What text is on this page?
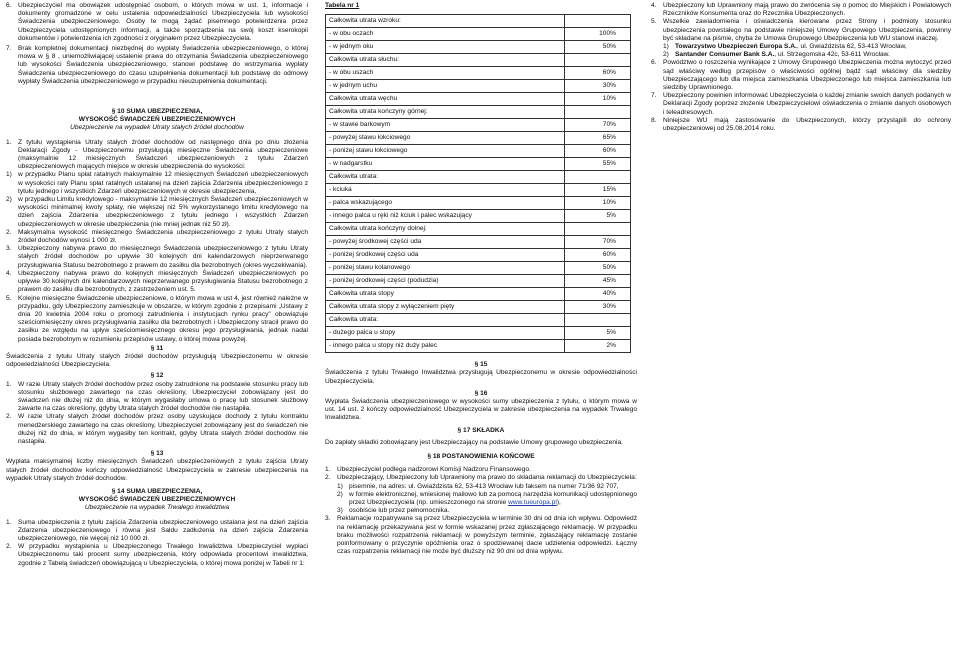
6. Ubezpieczyciel ma obowiązek udostępniać osobom, o których mowa w ust. 1, informacje i dokumenty gromadzone w celu ustalenia odpowiedzialności Ubezpieczyciela lub wysokości Świadczenia ubezpieczeniowego. Osoby te mogą żądać pisemnego potwierdzenia przez Ubezpieczyciela udostępnionych informacji, a także sporządzenia na swój koszt kserokopii dokumentów i potwierdzenia ich zgodności z oryginałem przez Ubezpieczyciela.
7. Brak kompletnej dokumentacji niezbędnej do wypłaty Świadczenia ubezpieczeniowego, o której mowa w § 8 , uniemożliwiającej ustalenie prawa do otrzymania Świadczenia ubezpieczeniowego lub wysokości Świadczenia ubezpieczeniowego, stanowi podstawę do wstrzymania wypłaty Świadczenia ubezpieczeniowego do czasu uzupełnienia dokumentacji lub podstawę do odmowy wypłaty Świadczenia ubezpieczeniowego w przypadku nieuzupełnienia dokumentacji.
§ 10 SUMA UBEZPIECZENIA,
WYSOKOŚĆ ŚWIADCZEŃ UBEZPIECZENIOWYCH
Ubezpieczenie na wypadek Utraty stałych źródeł dochodów
1. Z tytułu wystąpienia Utraty stałych źródeł dochodów od następnego dnia po dniu złożenia Deklaracji Zgody - Ubezpieczonemu przysługują miesięczne Świadczenia ubezpieczeniowe (maksymalnie 12 miesięcznych Świadczeń ubezpieczeniowych z tytułu Zdarzeń ubezpieczeniowych mających miejsce w okresie ubezpieczenia do wysokości:
1) w przypadku Planu spłat ratalnych maksymalnie 12 miesięcznych Świadczeń ubezpieczeniowych w wysokości raty Planu spłat ratalnych ustalanej na dzień zajścia Zdarzenia ubezpieczeniowego z tytułu jednego i wszystkich Zdarzeń ubezpieczeniowych w okresie ubezpieczenia,
2) w przypadku Limitu kredytowego - maksymalnie 12 miesięcznych Świadczeń ubezpieczeniowych w wysokości minimalnej kwoty spłaty, nie większej niż 5% wykorzystanego limitu kredytowego na dzień zajścia Zdarzenia ubezpieczeniowego z tytułu jednego i wszystkich Zdarzeń ubezpieczeniowych w okresie ubezpieczenia (nie mniej jednak niż 50 zł).
2. Maksymalna wysokość miesięcznego Świadczenia ubezpieczeniowego z tytułu Utraty stałych źródeł dochodów wynosi 1 000 zł.
3. Ubezpieczony nabywa prawo do miesięcznego Świadczenia ubezpieczeniowego z tytułu Utraty stałych źródeł dochodów po upływie 30 kolejnych dni kalendarzowych nieprzerwanego przysługiwania Statusu bezrobotnego z prawem do zasiłku dla bezrobotnych (okres wyczekiwania).
4. Ubezpieczony nabywa prawo do kolejnych miesięcznych Świadczeń ubezpieczeniowych po upływie 30 kolejnych dni kalendarzowych nieprzerwanego przysługiwania Statusu bezrobotnego z prawem do zasiłku dla bezrobotnych, z zastrzeżeniem ust. 5.
5. Kolejne miesięczne Świadczenie ubezpieczeniowe, o którym mowa w ust 4, jest również należne w przypadku, gdy Ubezpieczony zamieszkuje w obszarze, w którym zgodnie z przepisami „Ustawy z dnia 20 kwietnia 2004 roku o promocji zatrudnienia i instytucjach rynku pracy" obowiązuje sześciomiesięczny okres przysługiwania zasiłku dla bezrobotnych i Ubezpieczony stracił prawo do zasiłku ze względu na upływ sześciomiesięcznego okresu jego przysługiwania, jednak nadal posiada bezrobotnym w rozumieniu przepisów ustawy, o której mowa powyżej.
§ 11

Świadczenia z tytułu Utraty stałych źródeł dochodów przysługują Ubezpieczonemu w okresie odpowiedzialności Ubezpieczyciela.

§ 12
1. W razie Utraty stałych źródeł dochodów przez osoby zatrudnione na podstawie stosunku pracy lub stosunku służbowego zawartego na czas określony, Ubezpieczyciel zobowiązany jest do świadczeń nie dłużej niż do dnia, w którym wygasłaby umowa o pracę lub stosunek służbowy zawarte na czas określony, gdyby Utrata stałych źródeł dochodów nie nastąpiła.
2. W razie Utraty stałych źródeł dochodów przez osoby uzyskujące dochody z tytułu kontraktu menedżerskiego zawartego na czas określony, Ubezpieczyciel zobowiązany jest do świadczeń nie dłużej niż do dnia, w którym wygasłby ten kontrakt, gdyby Utrata stałych źródeł dochodów nie nastąpiła.
§ 13

Wypłata maksymalnej liczby miesięcznych Świadczeń ubezpieczeniowych z tytułu zajścia Utraty stałych źródeł dochodów kończy odpowiedzialność Ubezpieczyciela w zakresie ubezpieczenia na wypadek Utraty stałych źródeł dochodów.

§ 14 SUMA UBEZPIECZENIA,
WYSOKOŚĆ ŚWIADCZEŃ UBEZPIECZENIOWYCH
Ubezpieczenie na wypadek Trwałego inwalidztwa
1. Suma ubezpieczenia z tytułu zajścia Zdarzenia ubezpieczeniowego ustalana jest na dzień zajścia Zdarzenia ubezpieczeniowego i równa jest Saldu zadłużenia na dzień zajścia Zdarzenia ubezpieczeniowego, nie więcej niż 10 000 zł.
2. W przypadku wystąpienia u Ubezpieczonego Trwałego Inwalidztwa Ubezpieczyciel wypłaci Ubezpieczonemu taki procent sumy ubezpieczenia, który odpowiada procentowi inwalidztwa, zgodnie z Tabelą świadczeń obowiązującą u Ubezpieczyciela, o której mowa poniżej w Tabeli nr 1:
Tabela nr 1
Całkowita utrata wzroku:	
- w obu oczach	100%
- w jednym oku	50%
Całkowita utrata słuchu:	
- w obu uszach	60%
- w jednym uchu	30%
Całkowita utrata węchu	10%
Całkowita utrata kończyny górnej:	
- w stawie barkowym	70%
- powyżej stawu łokciowego	65%
- poniżej stawu łokciowego	60%
- w nadgarstku	55%
Całkowita utrata:	
- kciuka	15%
- palca wskazującego	10%
- innego palca u ręki niż kciuk i palec wskazujący	5%
Całkowita utrata kończyny dolnej:	
- powyżej środkowej części uda	70%
- poniżej środkowej części uda	60%
- poniżej stawu kolanowego	50%
- poniżej środkowej części (podudzia)	45%
Całkowita utrata stopy	40%
Całkowita utrata stopy z wyłączeniem pięty	30%
Całkowita utrata:	
- dużego palca u stopy	5%
- innego palca u stopy niż duży palec	2%
§ 15

Świadczenia z tytułu Trwałego Inwalidztwa przysługują Ubezpieczonemu w okresie odpowiedzialności Ubezpieczyciela.

§ 16

Wypłata Świadczenia ubezpieczeniowego w wysokości sumy ubezpieczenia z tytułu, o którym mowa w ust. 14 ust. 2 kończy odpowiedzialność Ubezpieczyciela w zakresie ubezpieczenia na wypadek Trwałego Inwalidztwa.

§ 17 SKŁADKA

Do zapłaty składki zobowiązany jest Ubezpieczający na podstawie Umowy grupowego ubezpieczenia.

§ 18 POSTANOWIENIA KOŃCOWE
1. Ubezpieczyciel podlega nadzorowi Komisji Nadzoru Finansowego.
2. Ubezpieczający, Ubezpieczony lub Uprawniony ma prawo do składania reklamacji do Ubezpieczyciela:
1) pisemnie, na adres: ul. Gwiaździsta 62, 53-413 Wrocław lub faksem na numer 71/36 92 707,
2) w formie elektronicznej, wniesionej mailowo lub za pomocą narzędzia komunikacji udostępnionego przez Ubezpieczyciela (np. umieszczonego na stronie www.tueuropa.pl),
3) osobiście lub przez pełnomocnika.
3. Reklamacje rozpatrywane są przez Ubezpieczyciela w terminie 30 dni od dnia ich wpływu. Odpowiedź na reklamację przekazywana jest w formie wskazanej przez zgłaszającego reklamację. W przypadku braku możliwości rozpatrzenia reklamacji w powyższym terminie, zgłaszający reklamację zostanie poinformowany o przyczynie opóźnienia oraz o spodziewanej dacie udzielenia odpowiedzi. Łączny czas rozpatrzenia reklamacji nie może być dłuższy niż 90 dni od dnia wpływu.
4. Ubezpieczony lub Uprawniony mają prawo do zwrócenia się o pomoc do Miejskich i Powiatowych Rzeczników Konsumenta oraz do Rzecznika Ubezpieczonych.
5. Wszelkie zawiadomienia i oświadczenia kierowane przez Strony i podmioty stosunku ubezpieczenia powstałego na podstawie niniejszej Umowy Grupowego Ubezpieczenia, powinny być składane na piśmie, chyba że Umowa Grupowego Ubezpieczenia lub WU stanowi inaczej.
1) Towarzystwo Ubezpieczeń Europa S.A., ul. Gwiaździsta 62, 53-413 Wrocław,
2) Santander Consumer Bank S.A., ul. Strzegomska 42c, 53-611 Wrocław.
6. Powództwo o roszczenia wynikające z Umowy Grupowego Ubezpieczenia można wytoczyć przed sąd właściwy według przepisów o właściwości ogólnej bądź sąd właściwy dla siedziby Ubezpieczającego lub dla miejsca zamieszkania Ubezpieczonego lub miejsca zamieszkania lub siedziby Uprawnionego.
7. Ubezpieczony powinien informować Ubezpieczyciela o każdej zmianie swoich danych podanych w Deklaracji Zgody poprzez złożenie Ubezpieczycielowi oświadczenia o zmianie danych osobowych i teleadresowych.
8. Niniejsze WU mają zastosowanie do Ubezpieczonych, którzy przystąpili do ochrony ubezpieczeniowej od 25.08.2014 roku.
